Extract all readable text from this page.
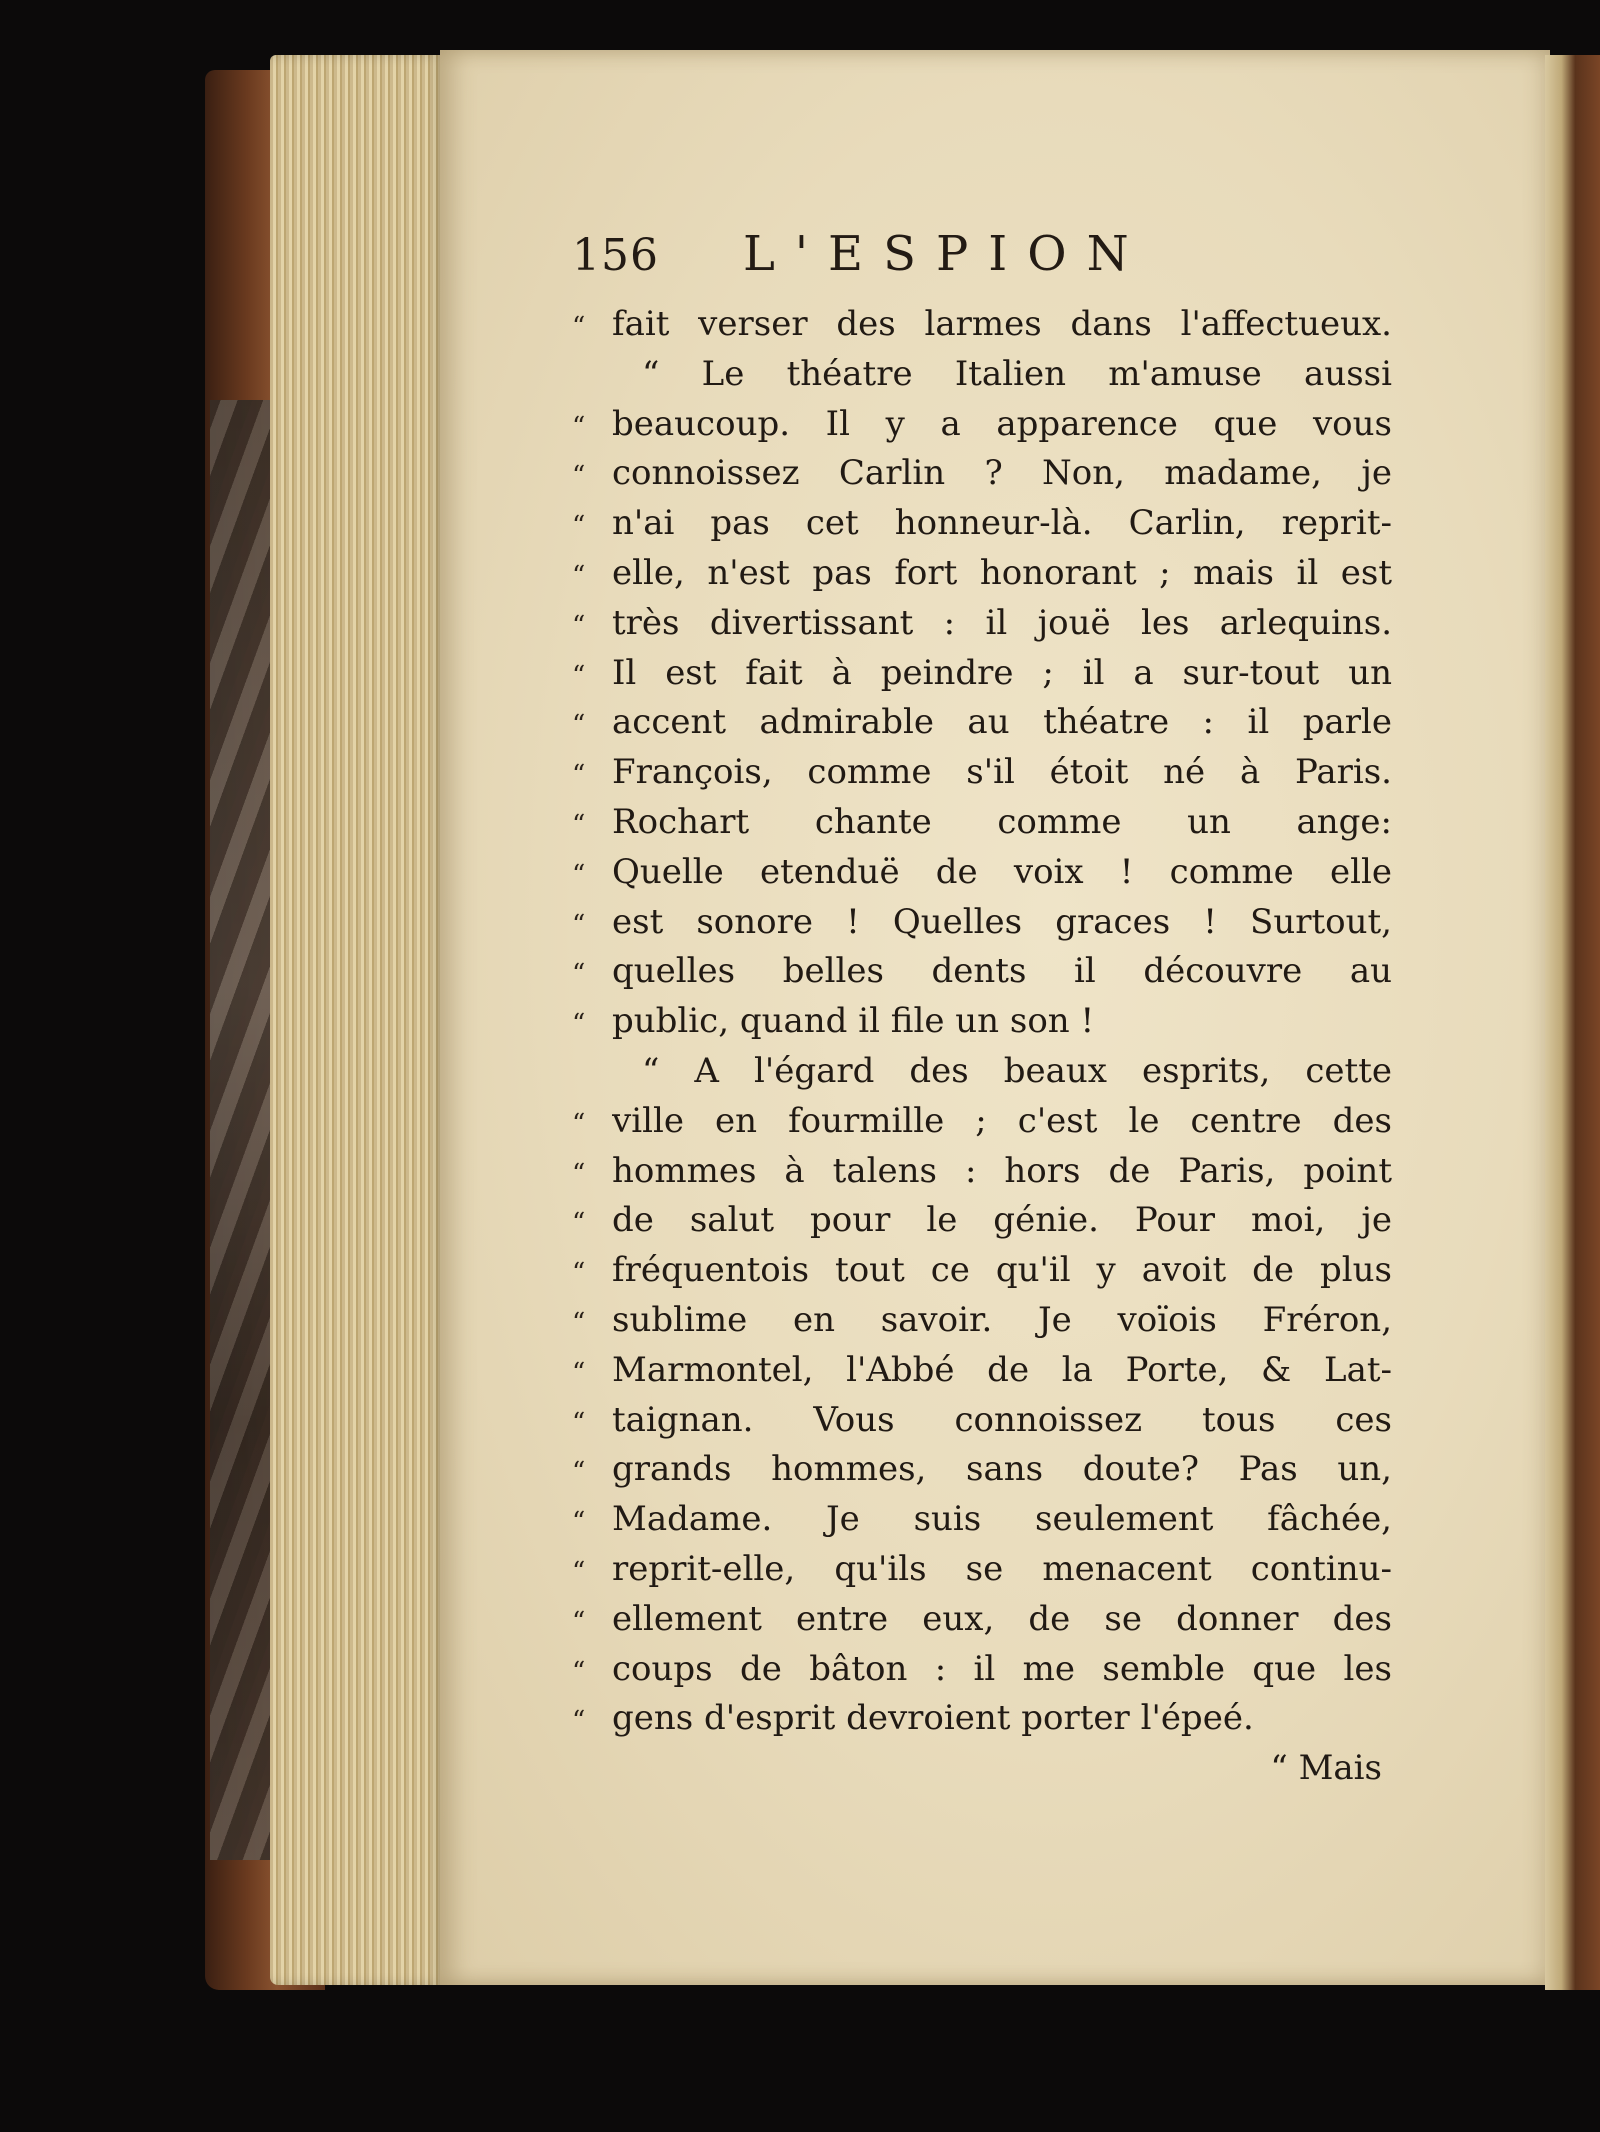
156 L'ESPION
“ fait verser des larmes dans l'affectueux.
“ Le théatre Italien m'amuse aussi
“ beaucoup. Il y a apparence que vous
“ connoissez Carlin ? Non, madame, je
“ n'ai pas cet honneur-là. Carlin, reprit-
“ elle, n'est pas fort honorant ; mais il est
“ très divertissant : il jouë les arlequins.
“ Il est fait à peindre ; il a sur-tout un
“ accent admirable au théatre : il parle
“ François, comme s'il étoit né à Paris.
“ Rochart chante comme un ange:
“ Quelle etenduë de voix ! comme elle
“ est sonore ! Quelles graces ! Surtout,
“ quelles belles dents il découvre au
“ public, quand il file un son !
“ A l'égard des beaux esprits, cette
“ ville en fourmille ; c'est le centre des
“ hommes à talens : hors de Paris, point
“ de salut pour le génie. Pour moi, je
“ fréquentois tout ce qu'il y avoit de plus
“ sublime en savoir. Je voïois Fréron,
“ Marmontel, l'Abbé de la Porte, & Lat-
“ taignan. Vous connoissez tous ces
“ grands hommes, sans doute? Pas un,
“ Madame. Je suis seulement fâchée,
“ reprit-elle, qu'ils se menacent continu-
“ ellement entre eux, de se donner des
“ coups de bâton : il me semble que les
“ gens d'esprit devroient porter l'épeé.
“ Mais
